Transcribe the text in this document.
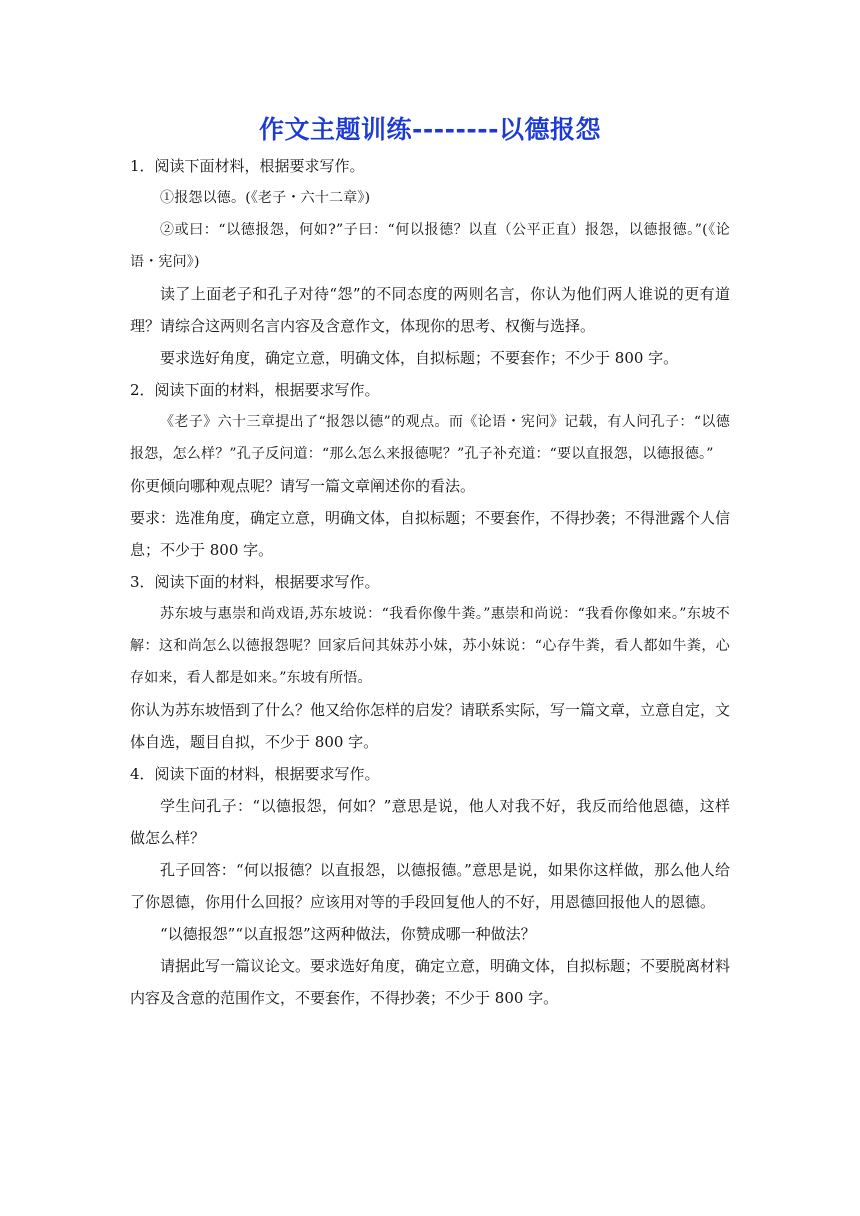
作文主题训练--------以德报怨

1．阅读下面材料，根据要求写作。

①报怨以德。(《老子・六十二章》)

②或曰：“以德报怨，何如?”子曰：“何以报德？以直（公平正直）报怨，以德报德。”(《论语・宪问》)

读了上面老子和孔子对待“怨”的不同态度的两则名言，你认为他们两人谁说的更有道理？请综合这两则名言内容及含意作文，体现你的思考、权衡与选择。

要求选好角度，确定立意，明确文体，自拟标题；不要套作；不少于 800 字。

2．阅读下面的材料，根据要求写作。

《老子》六十三章提出了“报怨以德”的观点。而《论语・宪问》记载，有人问孔子：“以德报怨，怎么样？”孔子反问道：“那么怎么来报德呢？”孔子补充道：“要以直报怨，以德报德。”

你更倾向哪种观点呢？请写一篇文章阐述你的看法。

要求：选准角度，确定立意，明确文体，自拟标题；不要套作，不得抄袭；不得泄露个人信息；不少于 800 字。

3．阅读下面的材料，根据要求写作。

苏东坡与惠崇和尚戏语,苏东坡说：“我看你像牛粪。”惠崇和尚说：“我看你像如来。”东坡不解：这和尚怎么以德报怨呢？回家后问其妹苏小妹，苏小妹说：“心存牛粪，看人都如牛粪，心存如来，看人都是如来。”东坡有所悟。

你认为苏东坡悟到了什么？他又给你怎样的启发？请联系实际，写一篇文章，立意自定，文体自选，题目自拟，不少于 800 字。

4．阅读下面的材料，根据要求写作。

学生问孔子：“以德报怨，何如？”意思是说，他人对我不好，我反而给他恩德，这样做怎么样？

孔子回答：“何以报德？以直报怨，以德报德。”意思是说，如果你这样做，那么他人给了你恩德，你用什么回报？应该用对等的手段回复他人的不好，用恩德回报他人的恩德。

“以德报怨”“以直报怨”这两种做法，你赞成哪一种做法？

请据此写一篇议论文。要求选好角度，确定立意，明确文体，自拟标题；不要脱离材料内容及含意的范围作文，不要套作，不得抄袭；不少于 800 字。
